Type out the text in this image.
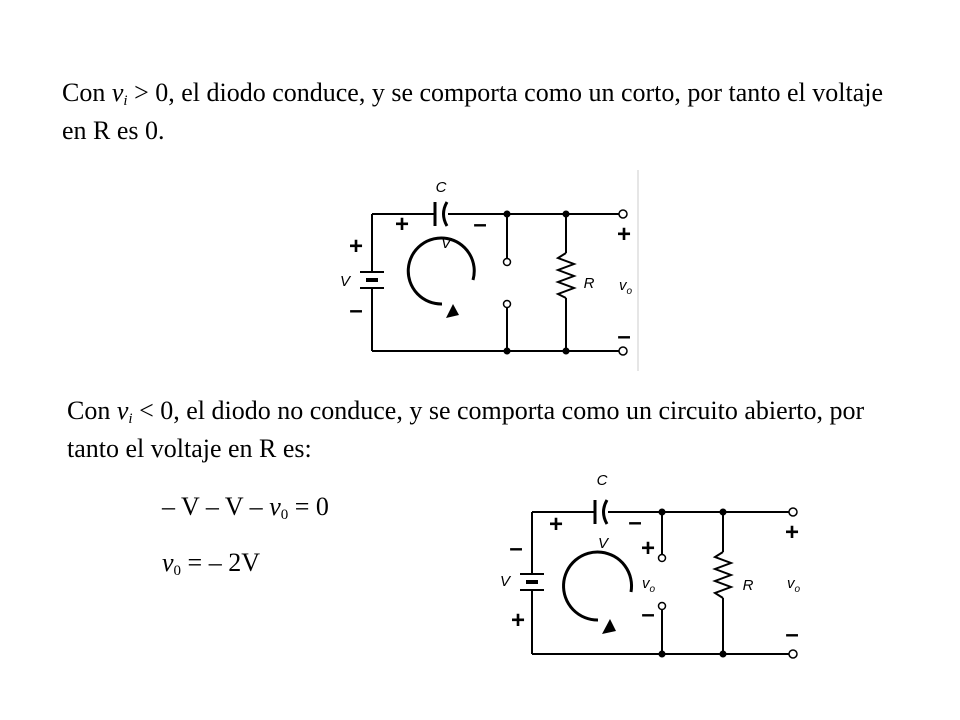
Con $v_i > 0$, el diodo conduce, y se comporta como un corto, por tanto el voltaje en R es 0.

C
+	–
V
+
V
–
R
+
–
$v_o$

Con $v_i < 0$, el diodo no conduce, y se comporta como un circuito abierto, por tanto el voltaje en R es:

– $V - V - v_0 = 0$
$v_0$ = – 2V
C
+	–
V +
$v_o$
–
–
V
+
R
+
–
$v_o$
